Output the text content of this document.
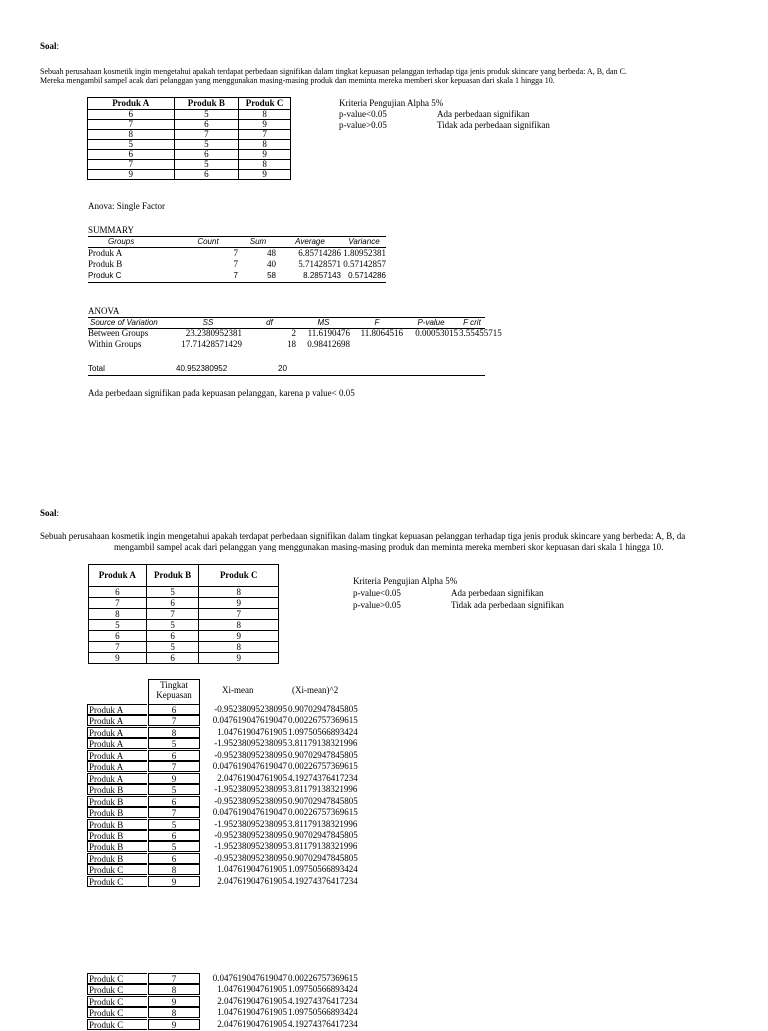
Soal:
Sebuah perusahaan kosmetik ingin mengetahui apakah terdapat perbedaan signifikan dalam tingkat kepuasan pelanggan terhadap tiga jenis produk skincare yang berbeda: A, B, dan C.
Mereka mengambil sampel acak dari pelanggan yang menggunakan masing-masing produk dan meminta mereka memberi skor kepuasan dari skala 1 hingga 10.
Produk A	Produk B	Produk C
6	5	8
7	6	9
8	7	7
5	5	8
6	6	9
7	5	8
9	6	9
Kriteria Pengujian Alpha 5%
p-value<0.05	Ada perbedaan signifikan
p-value>0.05	Tidak ada perbedaan signifikan
Anova: Single Factor
SUMMARY
Groups	Count	Sum	Average	Variance
Produk A	7	48	6.85714286 1.80952381
Produk B	7	40	5.71428571 0.57142857
Produk C	7	58	8.2857143 0.5714286
ANOVA
Source of Variation	SS	df	MS	F	P-value	F crit
Between Groups	23.2380952381	2	11.6190476	11.8064516	0.00053015 3.55455715
Within Groups	17.71428571429	18	0.98412698
Total	40.952380952	20
Ada perbedaan signifikan pada kepuasan pelanggan, karena p value< 0.05
Soal:
Sebuah perusahaan kosmetik ingin mengetahui apakah terdapat perbedaan signifikan dalam tingkat kepuasan pelanggan terhadap tiga jenis produk skincare yang berbeda: A, B, da
mengambil sampel acak dari pelanggan yang menggunakan masing-masing produk dan meminta mereka memberi skor kepuasan dari skala 1 hingga 10.
Produk A	Produk B	Produk C
6	5	8
7	6	9
8	7	7
5	5	8
6	6	9
7	5	8
9	6	9
Kriteria Pengujian Alpha 5%
p-value<0.05	Ada perbedaan signifikan
p-value>0.05	Tidak ada perbedaan signifikan
Tingkat Kepuasan	Xi-mean	(Xi-mean)^2
Produk A	6	-0.95238095238095 0.90702947845805
Produk A	7	0.047619047619047 0.00226757369615
Produk A	8	1.04761904761905 1.09750566893424
Produk A	5	-1.95238095238095 3.81179138321996
Produk A	6	-0.95238095238095 0.90702947845805
Produk A	7	0.047619047619047 0.00226757369615
Produk A	9	2.04761904761905 4.19274376417234
Produk B	5	-1.95238095238095 3.81179138321996
Produk B	6	-0.95238095238095 0.90702947845805
Produk B	7	0.047619047619047 0.00226757369615
Produk B	5	-1.95238095238095 3.81179138321996
Produk B	6	-0.95238095238095 0.90702947845805
Produk B	5	-1.95238095238095 3.81179138321996
Produk B	6	-0.95238095238095 0.90702947845805
Produk C	8	1.04761904761905 1.09750566893424
Produk C	9	2.04761904761905 4.19274376417234
Produk C	7	0.047619047619047 0.00226757369615
Produk C	8	1.04761904761905 1.09750566893424
Produk C	9	2.04761904761905 4.19274376417234
Produk C	8	1.04761904761905 1.09750566893424
Produk C	9	2.04761904761905 4.19274376417234
